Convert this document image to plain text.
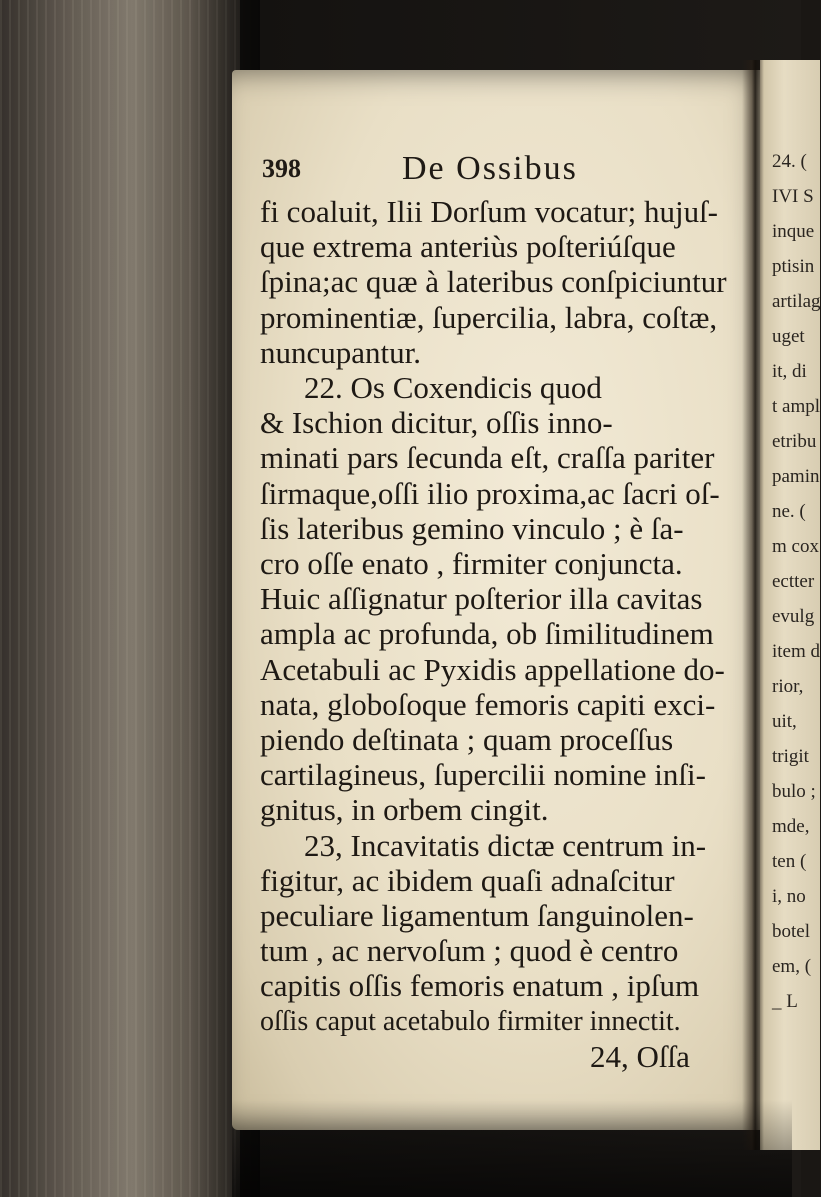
398	De Ossibus
fi coaluit, Ilii Dorſum vocatur; hujuſ-
que extrema anteriùs poſteriúſque
ſpina;ac quæ à lateribus conſpiciuntur
prominentiæ, ſupercilia, labra, coſtæ,
nuncupantur.
22. Os Coxendicis quod
& Ischion dicitur, oſſis inno-
minati pars ſecunda eſt, craſſa pariter
ſirmaque,oſſi ilio proxima,ac ſacri oſ-
ſis lateribus gemino vinculo ; è ſa-
cro oſſe enato , firmiter conjuncta.
Huic aſſignatur poſterior illa cavitas
ampla ac profunda, ob ſimilitudinem
Acetabuli ac Pyxidis appellatione do-
nata, globoſoque femoris capiti exci-
piendo deſtinata ; quam proceſſus
cartilagineus, ſupercilii nomine inſi-
gnitus, in orbem cingit.
23, Incavitatis dictæ centrum in-
figitur, ac ibidem quaſi adnaſcitur
peculiare ligamentum ſanguinolen-
tum , ac nervoſum ; quod è centro
capitis oſſis femoris enatum , ipſum
oſſis caput acetabulo firmiter innectit.
24, Oſſa
24. (
IVI S
inque
ptisin
artilag
uget
it, di
t ampl
etribu
pamin
ne. (
m cox
ectter
evulg
item d
rior,
uit,
trigit
bulo ;
mde,
ten (
i, no
botel
em, (
_ L
